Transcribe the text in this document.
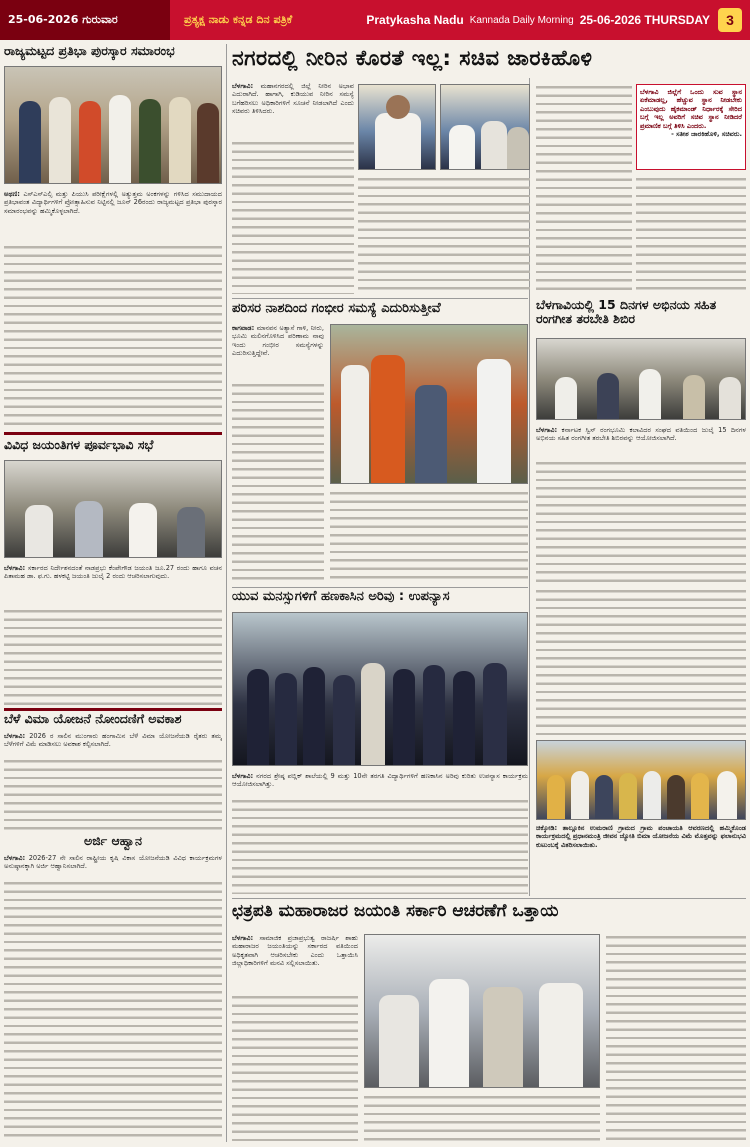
25-06-2026 ಗುರುವಾರ	ಪ್ರತ್ಯಕ್ಷ ನಾಡು ಕನ್ನಡ ದಿನ ಪತ್ರಿಕೆ	Pratykasha Nadu Kannada Daily Morning 25-06-2026 THURSDAY	3
ರಾಜ್ಯಮಟ್ಟದ ಪ್ರತಿಭಾ ಪುರಸ್ಕಾರ ಸಮಾರಂಭ
ಅಥಣಿ: ಎಸ್ಎಸ್ಎಲ್ಸಿ ಮತ್ತು ಪಿಯುಸಿ ಪರೀಕ್ಷೆಗಳಲ್ಲಿ ಅತ್ಯುತ್ತಮ ಅಂಕಗಳನ್ನು ಗಳಿಸಿದ ಸಮುದಾಯದ ಪ್ರತಿಭಾವಂತ ವಿದ್ಯಾರ್ಥಿಗಳಿಗೆ ಪ್ರೋತ್ಸಾಹಿಸುವ ನಿಟ್ಟಿನಲ್ಲಿ ಜೂನ್ 26ರಂದು ರಾಜ್ಯಮಟ್ಟದ ಪ್ರತಿಭಾ ಪುರಸ್ಕಾರ ಸಮಾರಂಭವನ್ನು ಹಮ್ಮಿಕೊಳ್ಳಲಾಗಿದೆ.
ವಿವಿಧ ಜಯಂತಿಗಳ ಪೂರ್ವಭಾವಿ ಸಭೆ
ಬೆಳಗಾವಿ: ಸರ್ಕಾರದ ನಿರ್ದೇಶನದಂತೆ ನಾಡಪ್ರಭು ಕೆಂಪೇಗೌಡ ಜಯಂತಿ ಜೂ.27 ರಂದು ಹಾಗೂ ವಚನ ಪಿತಾಮಹ ಡಾ. ಫ.ಗು. ಹಳಕಟ್ಟಿ ಜಯಂತಿ ಜುಲೈ 2 ರಂದು ಆಚರಿಸಲಾಗುವುದು.
ಬೆಳೆ ವಿಮಾ ಯೋಜನೆ ನೋಂದಣಿಗೆ ಅವಕಾಶ
ಬೆಳಗಾವಿ: 2026 ರ ಸಾಲಿನ ಮುಂಗಾರು ಹಂಗಾಮಿನ ಬೆಳೆ ವಿಮಾ ಯೋಜನೆಯಡಿ ರೈತರು ತಮ್ಮ ಬೆಳೆಗಳಿಗೆ ವಿಮೆ ಮಾಡಿಸಲು ಅವಕಾಶ ಕಲ್ಪಿಸಲಾಗಿದೆ.
ಅರ್ಜಿ ಆಹ್ವಾನ
ಬೆಳಗಾವಿ: 2026-27 ನೇ ಸಾಲಿನ ರಾಷ್ಟ್ರೀಯ ಕೃಷಿ ವಿಕಾಸ ಯೋಜನೆಯಡಿ ವಿವಿಧ ಕಾರ್ಯಕ್ರಮಗಳ ಅನುಷ್ಠಾನಕ್ಕಾಗಿ ಅರ್ಜಿ ಆಹ್ವಾನಿಸಲಾಗಿದೆ.
ನಗರದಲ್ಲಿ ನೀರಿನ ಕೊರತೆ ಇಲ್ಲ: ಸಚಿವ ಜಾರಕಿಹೊಳಿ
ಬೆಳಗಾವಿ: ಮಹಾನಗರದಲ್ಲಿ ಜಿಲ್ಲೆ ನೀರಿನ ಅಭಾವ ಎದುರಾಗಿದೆ. ಹಾಗಾಗಿ, ಕುಡಿಯುವ ನೀರಿನ ಸಮಸ್ಯೆ ಬಗೆಹರಿಸಲು ಅಧಿಕಾರಿಗಳಿಗೆ ಸೂಚನೆ ನೀಡಲಾಗಿದೆ ಎಂದು ಸಚಿವರು ತಿಳಿಸಿದರು.
ಬೆಳಗಾವಿ ಜಿಲ್ಲೆಗೆ ಒಂದು ಸುವ ಸ್ಥಾನ ಏಕೆಮಾಡಲ್ಲ, ಹೆಚ್ಚುವ ಸ್ಥಾನ ನೀಡಬೇಕು ಎಂಬುವುದು ಹೈಕಮಾಂಡ್ ನಿರ್ಧಾರಕ್ಕೆ ಸೇರಿದ ಬಗ್ಗೆ ಇಲ್ಲ ಅವರಿಗೆ ಸಚಿವ ಸ್ಥಾನ ನೀಡಿದರೆ ಪ್ರಮಾಣಿಕ ಬಗ್ಗೆ ತಿಳಿಸಿ ಎಂದರು.
- ಸತೀಶ ಜಾರಕಿಹೊಳಿ, ಸಚಿವರು.
ಪರಿಸರ ನಾಶದಿಂದ ಗಂಭೀರ ಸಮಸ್ಯೆ ಎದುರಿಸುತ್ತೀವೆ
ಕಾಗವಾಡ: ಮಾನವನ ಅತ್ಯಾಸೆ ಗಾಳಿ, ನೀರು, ಭೂಮಿ ಮಲಿನಗೊಳಿಸಿದ ಪರಿಣಾಮ ನಾವು ಇಂದು ಗಂಭೀರ ಸಮಸ್ಯೆಗಳನ್ನು ಎದುರಿಸುತ್ತಿದ್ದೇವೆ.
ಬೆಳಗಾವಿಯಲ್ಲಿ 15 ದಿನಗಳ ಅಭಿನಯ ಸಹಿತ ರಂಗಗೀತ ತರಬೇತಿ ಶಿಬಿರ
ಬೆಳಗಾವಿ: ಕರ್ನಾಟಕ ಸ್ವಿಸ್ ರಂಗಭೂಮಿ ಕಲಾವಿದರ ಸಂಘದ ವತಿಯಿಂದ ಜುಲೈ 15 ದಿನಗಳ ಅಭಿನಯ ಸಹಿತ ರಂಗಗೀತ ತರಬೇತಿ ಶಿಬಿರವನ್ನು ಆಯೋಜಿಸಲಾಗಿದೆ.
ಯುವ ಮನಸ್ಸುಗಳಿಗೆ ಹಣಕಾಸಿನ ಅರಿವು : ಉಪನ್ಯಾಸ
ಬೆಳಗಾವಿ: ನಗರದ ಶ್ರೇಷ್ಠ ಪಬ್ಲಿಕ್ ಶಾಲೆಯಲ್ಲಿ 9 ಮತ್ತು 10ನೇ ತರಗತಿ ವಿದ್ಯಾರ್ಥಿಗಳಿಗೆ ಹಣಕಾಸಿನ ಅರಿವು ಕುರಿತು ಉಪನ್ಯಾಸ ಕಾರ್ಯಕ್ರಮ ಆಯೋಜಿಸಲಾಗಿತ್ತು.
ಚಿಕ್ಕೋಡಿ: ತಾಲ್ಲೂಕಿನ ಉಮರಾಣಿ ಗ್ರಾಮದ ಗ್ರಾಮ ಪಂಚಾಯತಿ ಆವರಣದಲ್ಲಿ ಹಮ್ಮಿಕೊಂಡ ಕಾರ್ಯಕ್ರಮದಲ್ಲಿ ಪ್ರಧಾನಮಂತ್ರಿ ಜೀವನ ಜ್ಯೋತಿ ಬಿಮಾ ಯೋಜನೆಯ ವಿಮೆ ಮೊತ್ತವನ್ನು ಫಲಾನುಭವಿ ಕುಟುಂಬಕ್ಕೆ ವಿತರಿಸಲಾಯಿತು.
ಛತ್ರಪತಿ ಮಹಾರಾಜರ ಜಯಂತಿ ಸರ್ಕಾರಿ ಆಚರಣೆಗೆ ಒತ್ತಾಯ
ಬೆಳಗಾವಿ: ಸಾಮಾಜಿಕ ಪ್ರಜಾಪ್ರಭುತ್ವ ರಾಜರ್ಷಿ ಶಾಹು ಮಹಾರಾಜರ ಜಯಂತಿಯನ್ನು ಸರ್ಕಾರದ ವತಿಯಿಂದ ಅಧಿಕೃತವಾಗಿ ಆಚರಿಸಬೇಕು ಎಂದು ಒತ್ತಾಯಿಸಿ ಜಿಲ್ಲಾಧಿಕಾರಿಗಳಿಗೆ ಮನವಿ ಸಲ್ಲಿಸಲಾಯಿತು.
